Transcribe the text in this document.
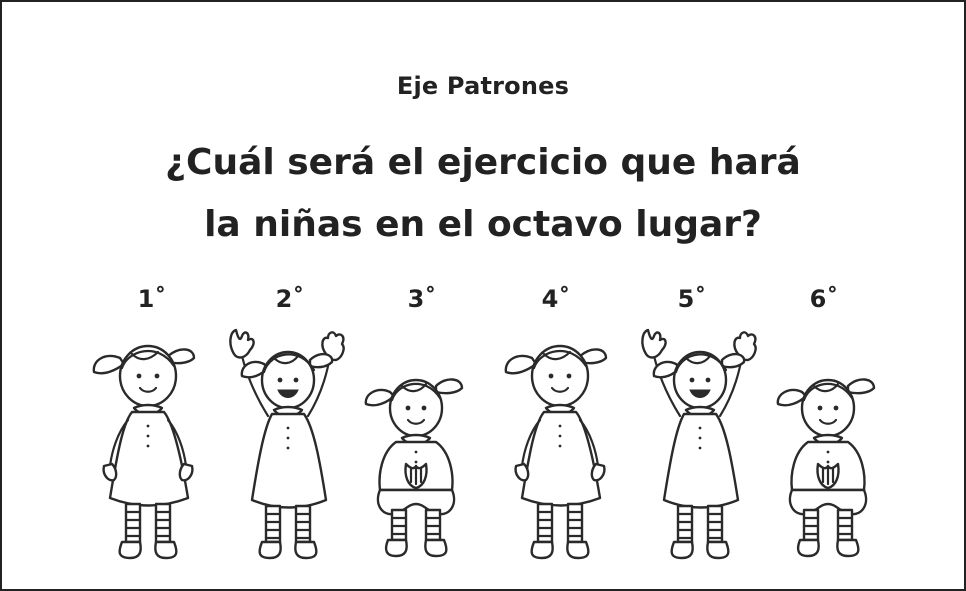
Eje Patrones
¿Cuál será el ejercicio que hará
la niñas en el octavo lugar?
1˚	2˚	3˚	4˚	5˚	6˚
